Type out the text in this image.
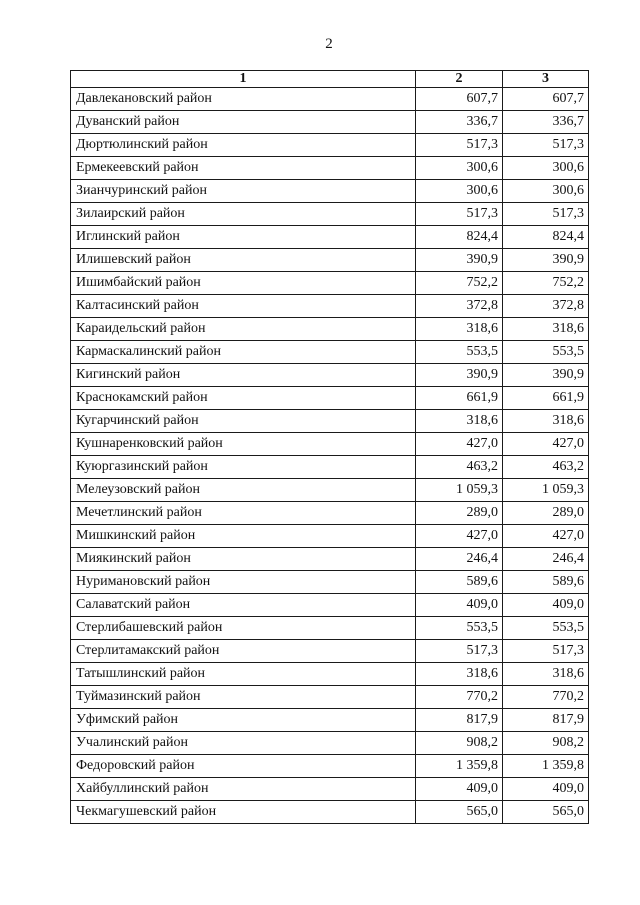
2
1	2	3
Давлекановский район	607,7	607,7
Дуванский район	336,7	336,7
Дюртюлинский район	517,3	517,3
Ермекеевский район	300,6	300,6
Зианчуринский район	300,6	300,6
Зилаирский район	517,3	517,3
Иглинский район	824,4	824,4
Илишевский район	390,9	390,9
Ишимбайский район	752,2	752,2
Калтасинский район	372,8	372,8
Караидельский район	318,6	318,6
Кармаскалинский район	553,5	553,5
Кигинский район	390,9	390,9
Краснокамский район	661,9	661,9
Кугарчинский район	318,6	318,6
Кушнаренковский район	427,0	427,0
Куюргазинский район	463,2	463,2
Мелеузовский район	1 059,3	1 059,3
Мечетлинский район	289,0	289,0
Мишкинский район	427,0	427,0
Миякинский район	246,4	246,4
Нуримановский район	589,6	589,6
Салаватский район	409,0	409,0
Стерлибашевский район	553,5	553,5
Стерлитамакский район	517,3	517,3
Татышлинский район	318,6	318,6
Туймазинский район	770,2	770,2
Уфимский район	817,9	817,9
Учалинский район	908,2	908,2
Федоровский район	1 359,8	1 359,8
Хайбуллинский район	409,0	409,0
Чекмагушевский район	565,0	565,0
